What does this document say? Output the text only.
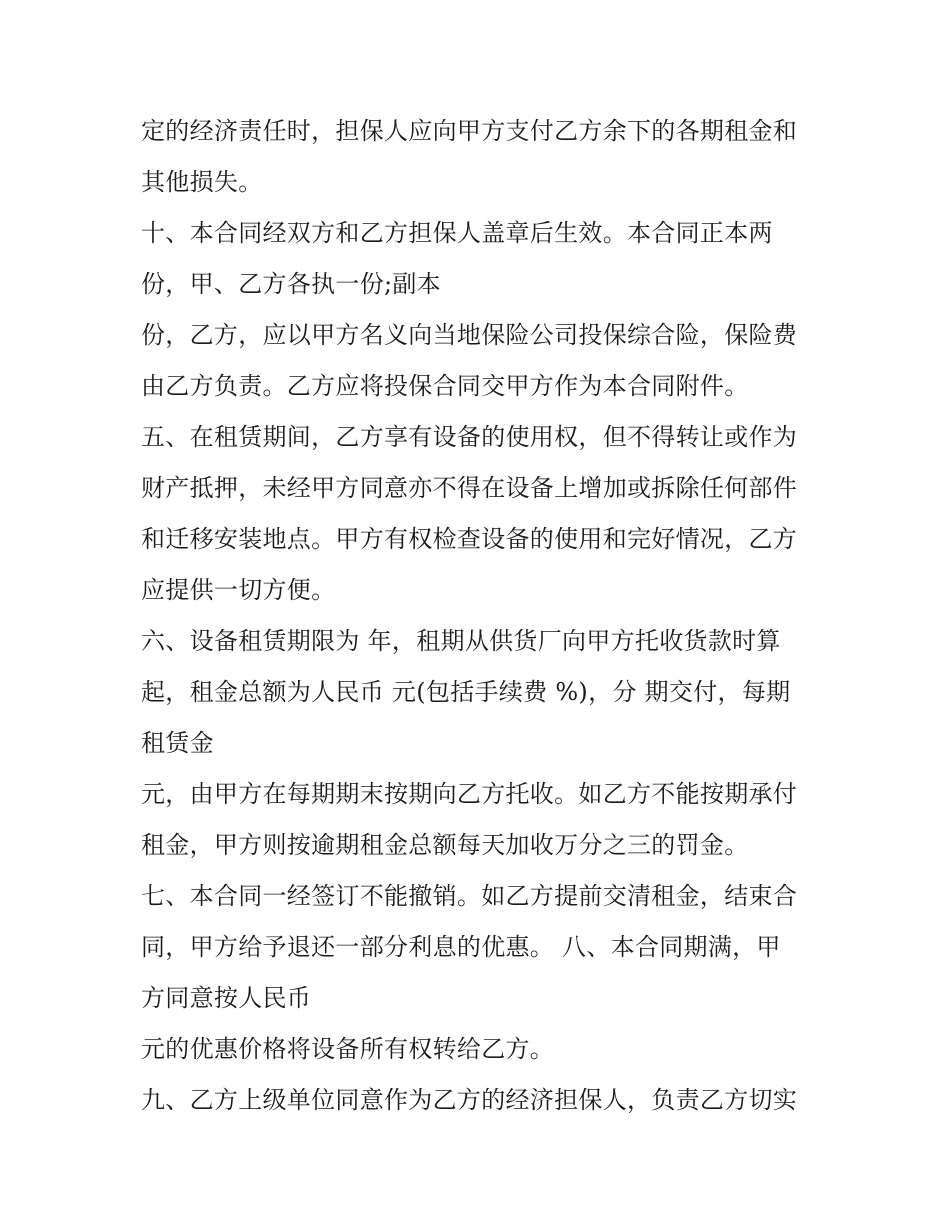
定的经济责任时，担保人应向甲方支付乙方余下的各期租金和
其他损失。
十、本合同经双方和乙方担保人盖章后生效。本合同正本两
份，甲、乙方各执一份;副本
份，乙方，应以甲方名义向当地保险公司投保综合险，保险费
由乙方负责。乙方应将投保合同交甲方作为本合同附件。
五、在租赁期间，乙方享有设备的使用权，但不得转让或作为
财产抵押，未经甲方同意亦不得在设备上增加或拆除任何部件
和迁移安装地点。甲方有权检查设备的使用和完好情况，乙方
应提供一切方便。
六、设备租赁期限为 年，租期从供货厂向甲方托收货款时算
起，租金总额为人民币 元(包括手续费 %)，分 期交付，每期
租赁金
元，由甲方在每期期末按期向乙方托收。如乙方不能按期承付
租金，甲方则按逾期租金总额每天加收万分之三的罚金。
七、本合同一经签订不能撤销。如乙方提前交清租金，结束合
同，甲方给予退还一部分利息的优惠。 八、本合同期满，甲
方同意按人民币
元的优惠价格将设备所有权转给乙方。
九、乙方上级单位同意作为乙方的经济担保人，负责乙方切实
